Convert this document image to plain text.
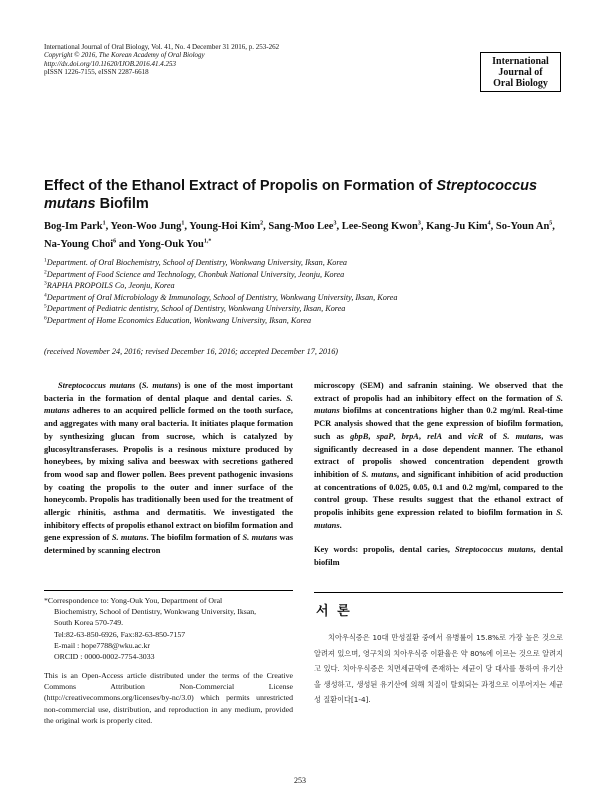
International Journal of Oral Biology, Vol. 41, No. 4 December 31 2016, p. 253-262
Copyright © 2016, The Korean Academy of Oral Biology
http://dx.doi.org/10.11620/IJOB.2016.41.4.253
pISSN 1226-7155, eISSN 2287-6618
International
Journal of
Oral Biology
Effect of the Ethanol Extract of Propolis on Formation of Streptococcus mutans Biofilm
Bog-Im Park$^1$, Yeon-Woo Jung$^1$, Young-Hoi Kim$^2$, Sang-Moo Lee$^3$, Lee-Seong Kwon$^3$, Kang-Ju Kim$^4$, So-Youn An$^5$, Na-Young Choi$^6$ and Yong-Ouk You$^{1,*}$
$^1$Department. of Oral Biochemistry, School of Dentistry, Wonkwang University, Iksan, Korea
$^2$Department of Food Science and Technology, Chonbuk National University, Jeonju, Korea
$^3$RAPHA PROPOILS Co, Jeonju, Korea
$^4$Department of Oral Microbiology & Immunology, School of Dentistry, Wonkwang University, Iksan, Korea
$^5$Department of Pediatric dentistry, School of Dentistry, Wonkwang University, Iksan, Korea
$^6$Department of Home Economics Education, Wonkwang University, Iksan, Korea
(received November 24, 2016; revised December 16, 2016; accepted December 17, 2016)

Streptococcus mutans (S. mutans) is one of the most important bacteria in the formation of dental plaque and dental caries. S. mutans adheres to an acquired pellicle formed on the tooth surface, and aggregates with many oral bacteria. It initiates plaque formation by synthesizing glucan from sucrose, which is catalyzed by glucosyltransferases. Propolis is a resinous mixture produced by honeybees, by mixing saliva and beeswax with secretions gathered from wood sap and flower pollen. Bees prevent pathogenic invasions by coating the propolis to the outer and inner surface of the honeycomb. Propolis has traditionally been used for the treatment of allergic rhinitis, asthma and dermatitis. We investigated the inhibitory effects of propolis ethanol extract on biofilm formation and gene expression of S. mutans. The biofilm formation of S. mutans was determined by scanning electron

microscopy (SEM) and safranin staining. We observed that the extract of propolis had an inhibitory effect on the formation of S. mutans biofilms at concentrations higher than 0.2 mg/ml. Real-time PCR analysis showed that the gene expression of biofilm formation, such as gbpB, spaP, brpA, relA and vicR of S. mutans, was significantly decreased in a dose dependent manner. The ethanol extract of propolis showed concentration dependent growth inhibition of S. mutans, and significant inhibition of acid production at concentrations of 0.025, 0.05, 0.1 and 0.2 mg/ml, compared to the control group. These results suggest that the ethanol extract of propolis inhibits gene expression related to biofilm formation in S. mutans.

Key words: propolis, dental caries, Streptococcus mutans, dental biofilm

*Correspondence to: Yong-Ouk You, Department of Oral
Biochemistry, School of Dentistry, Wonkwang University, Iksan,
South Korea 570-749.
Tel:82-63-850-6926, Fax:82-63-850-7157
E-mail : hope7788@wku.ac.kr
ORCID : 0000-0002-7754-3033
This is an Open-Access article distributed under the terms of the Creative Commons Attribution Non-Commercial License (http://creativecommons.org/licenses/by-nc/3.0) which permits unrestricted non-commercial use, distribution, and reproduction in any medium, provided the original work is properly cited.
서 론
치아우식증은 10대 만성질환 중에서 유병률이 15.8%로 가장 높은 것으로 알려져 있으며, 영구치의 치아우식증 이환율은 약 80%에 이르는 것으로 알려지고 있다. 치아우식증은 치면세균막에 존재하는 세균이 당 대사를 통하여 유기산을 생성하고, 생성된 유기산에 의해 치질이 탈회되는 과정으로 이루어지는 세균성 질환이다[1-4].
253
